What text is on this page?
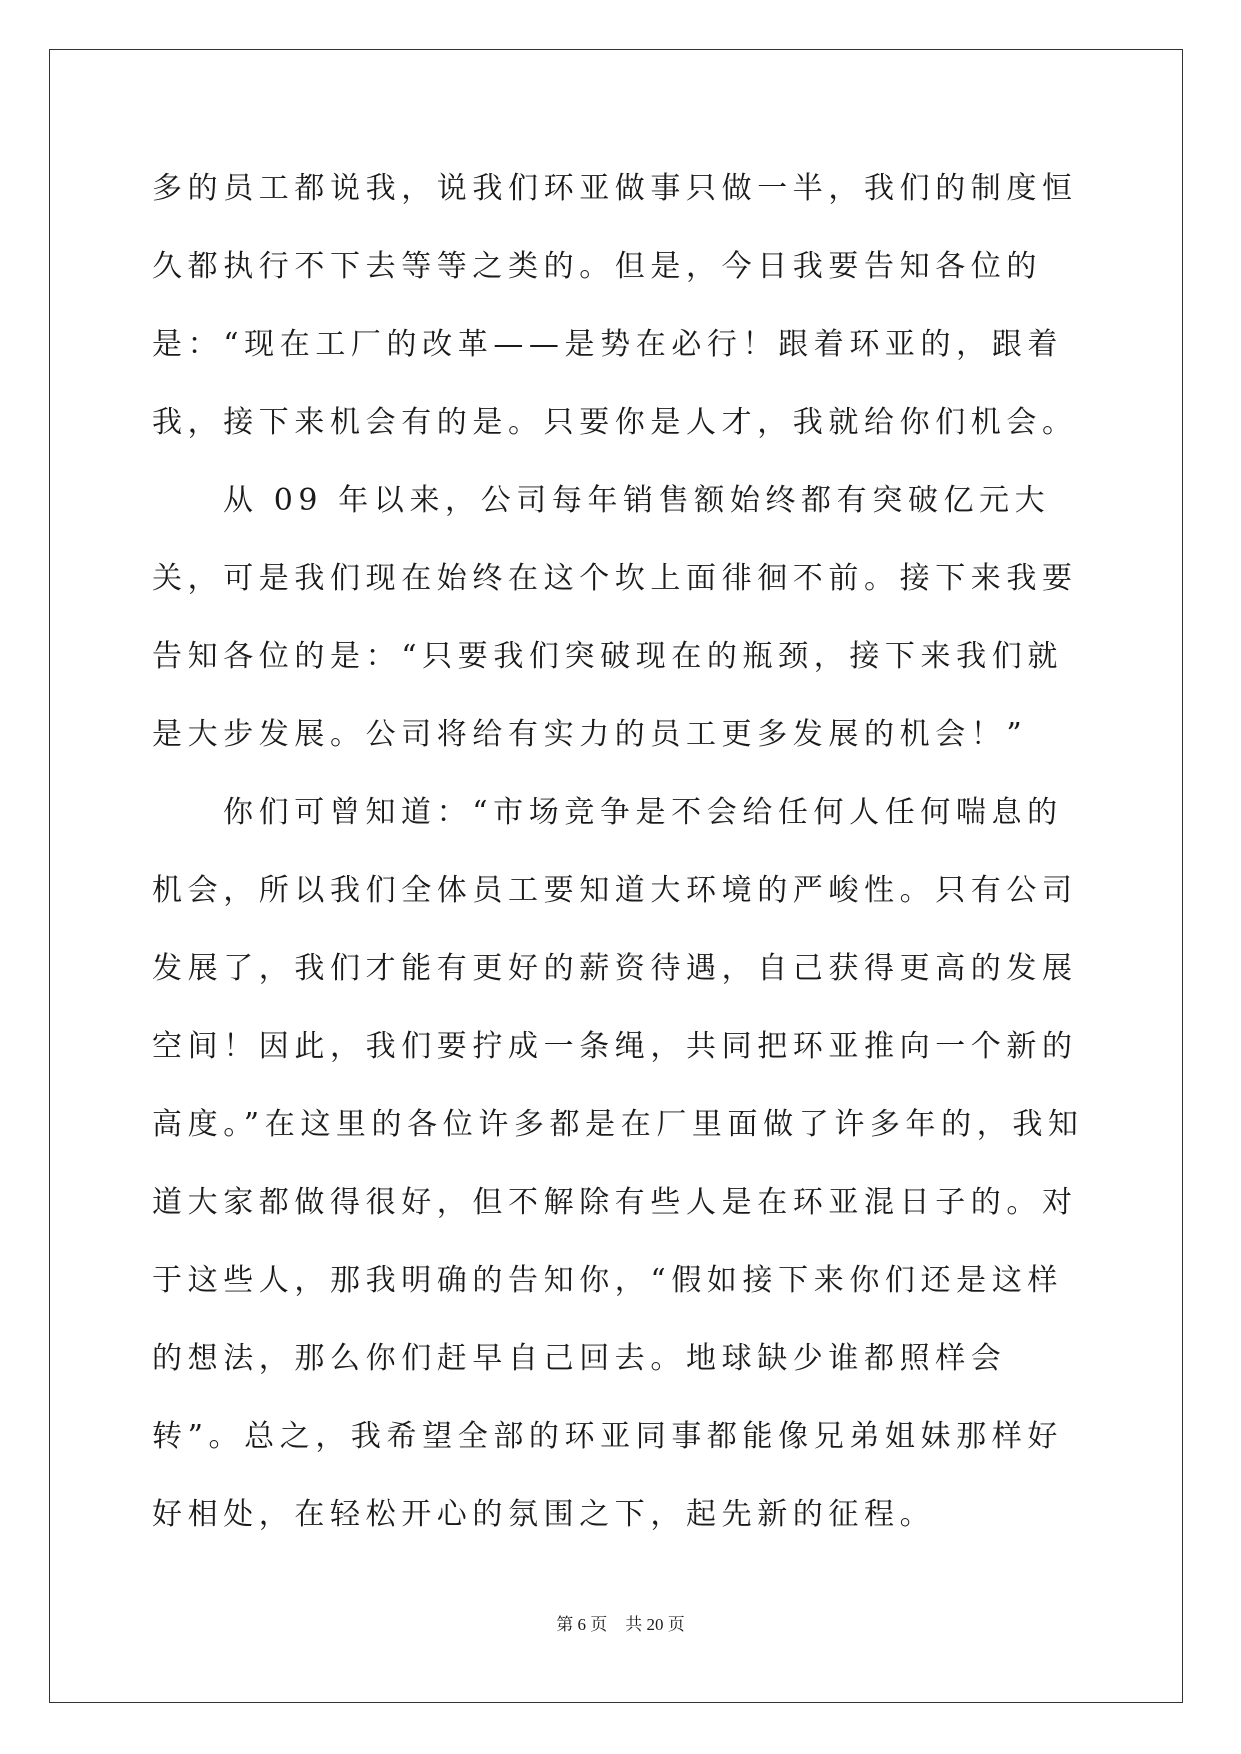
多的员工都说我，说我们环亚做事只做一半，我们的制度恒久都执行不下去等等之类的。但是，今日我要告知各位的是：“现在工厂的改革——是势在必行！跟着环亚的，跟着我，接下来机会有的是。只要你是人才，我就给你们机会。

从 09 年以来，公司每年销售额始终都有突破亿元大关，可是我们现在始终在这个坎上面徘徊不前。接下来我要告知各位的是：“只要我们突破现在的瓶颈，接下来我们就是大步发展。公司将给有实力的员工更多发展的机会！”

你们可曾知道：“市场竞争是不会给任何人任何喘息的机会，所以我们全体员工要知道大环境的严峻性。只有公司发展了，我们才能有更好的薪资待遇，自己获得更高的发展空间！因此，我们要拧成一条绳，共同把环亚推向一个新的高度。”在这里的各位许多都是在厂里面做了许多年的，我知道大家都做得很好，但不解除有些人是在环亚混日子的。对于这些人，那我明确的告知你，“假如接下来你们还是这样的想法，那么你们赶早自己回去。地球缺少谁都照样会转”。总之，我希望全部的环亚同事都能像兄弟姐妹那样好好相处，在轻松开心的氛围之下，起先新的征程。

第 6 页 共 20 页
